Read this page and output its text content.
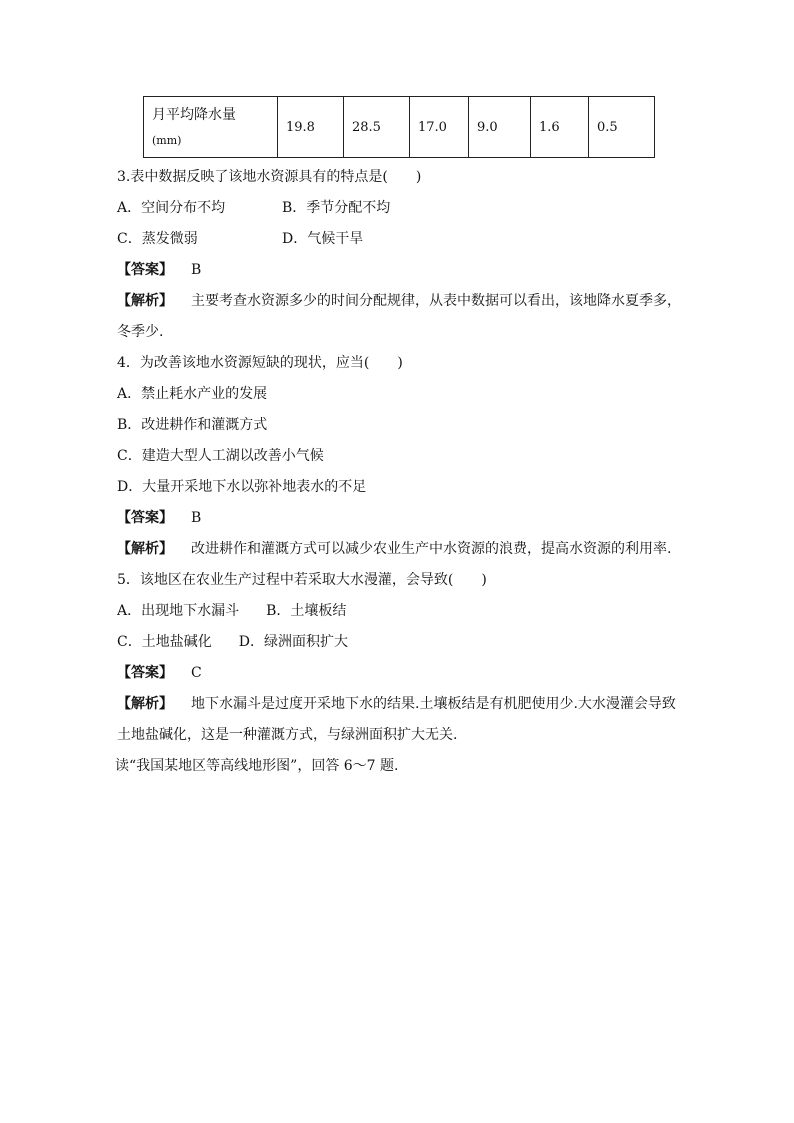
月平均降水量
(mm)
	19.8	28.5	17.0	9.0	1.6	0.5
3.表中数据反映了该地水资源具有的特点是(　　)
A．空间分布不均	B．季节分配不均
C．蒸发微弱	D．气候干旱
【答案】 B
【解析】 主要考查水资源多少的时间分配规律，从表中数据可以看出，该地降水夏季多，
冬季少.
4．为改善该地水资源短缺的现状，应当(　　)
A．禁止耗水产业的发展
B．改进耕作和灌溉方式
C．建造大型人工湖以改善小气候
D．大量开采地下水以弥补地表水的不足
【答案】 B
【解析】 改进耕作和灌溉方式可以减少农业生产中水资源的浪费，提高水资源的利用率.
5．该地区在农业生产过程中若采取大水漫灌，会导致(　　)
A．出现地下水漏斗 B．土壤板结
C．土地盐碱化 D．绿洲面积扩大
【答案】 C
【解析】 地下水漏斗是过度开采地下水的结果.土壤板结是有机肥使用少.大水漫灌会导致
土地盐碱化，这是一种灌溉方式，与绿洲面积扩大无关.
读“我国某地区等高线地形图”，回答 6～7 题.
